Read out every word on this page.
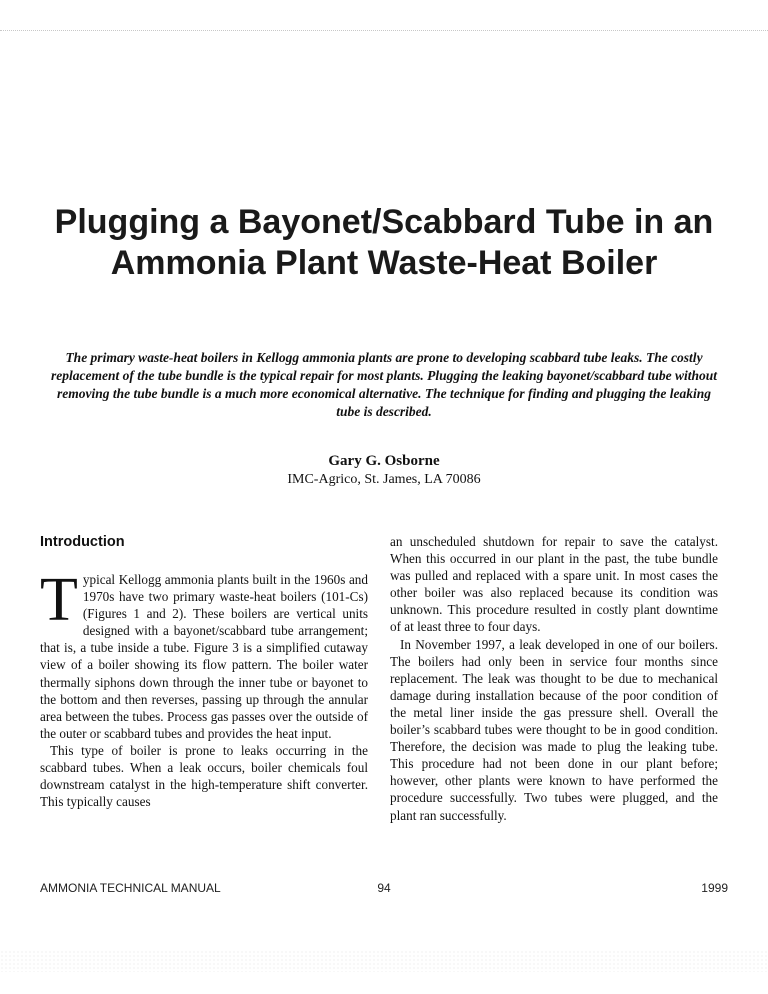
Plugging a Bayonet/Scabbard Tube in an Ammonia Plant Waste-Heat Boiler

The primary waste-heat boilers in Kellogg ammonia plants are prone to developing scabbard tube leaks. The costly replacement of the tube bundle is the typical repair for most plants. Plugging the leaking bayonet/scabbard tube without removing the tube bundle is a much more economical alternative. The technique for finding and plugging the leaking tube is described.

Gary G. Osborne
IMC-Agrico, St. James, LA 70086
Introduction

Typical Kellogg ammonia plants built in the 1960s and 1970s have two primary waste-heat boilers (101-Cs) (Figures 1 and 2). These boilers are vertical units designed with a bayonet/scabbard tube arrangement; that is, a tube inside a tube. Figure 3 is a simplified cutaway view of a boiler showing its flow pattern. The boiler water thermally siphons down through the inner tube or bayonet to the bottom and then reverses, passing up through the annular area between the tubes. Process gas passes over the outside of the outer or scabbard tubes and provides the heat input.

This type of boiler is prone to leaks occurring in the scabbard tubes. When a leak occurs, boiler chemicals foul downstream catalyst in the high-temperature shift converter. This typically causes

an unscheduled shutdown for repair to save the catalyst. When this occurred in our plant in the past, the tube bundle was pulled and replaced with a spare unit. In most cases the other boiler was also replaced because its condition was unknown. This procedure resulted in costly plant downtime of at least three to four days.

In November 1997, a leak developed in one of our boilers. The boilers had only been in service four months since replacement. The leak was thought to be due to mechanical damage during installation because of the poor condition of the metal liner inside the gas pressure shell. Overall the boiler’s scabbard tubes were thought to be in good condition. Therefore, the decision was made to plug the leaking tube. This procedure had not been done in our plant before; however, other plants were known to have performed the procedure successfully. Two tubes were plugged, and the plant ran successfully.

AMMONIA TECHNICAL MANUAL	94	1999
